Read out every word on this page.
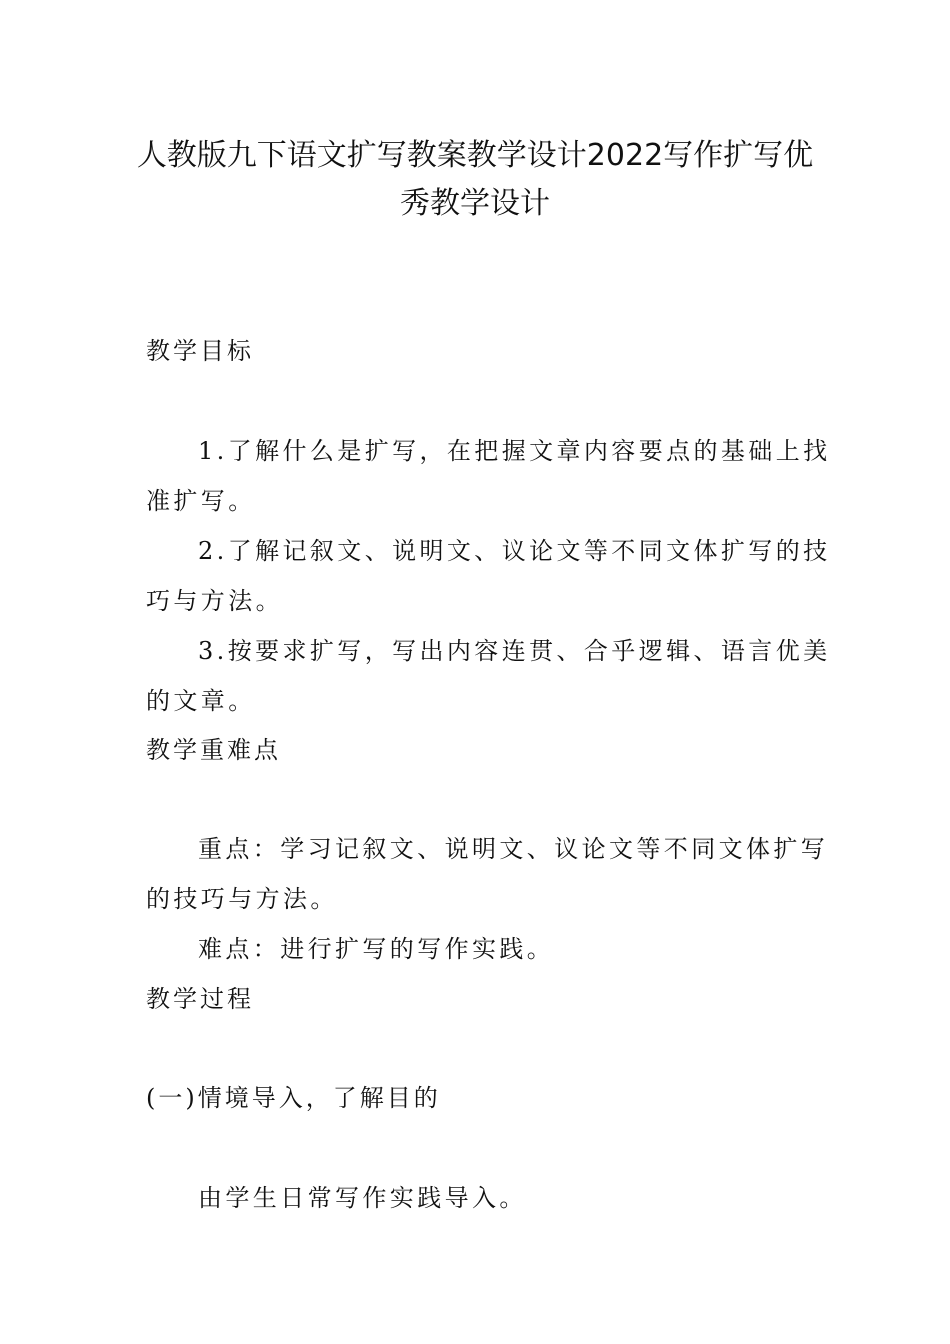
人教版九下语文扩写教案教学设计2022写作扩写优
秀教学设计

教学目标

1.了解什么是扩写，在把握文章内容要点的基础上找

准扩写。

2.了解记叙文、说明文、议论文等不同文体扩写的技

巧与方法。

3.按要求扩写，写出内容连贯、合乎逻辑、语言优美

的文章。

教学重难点

重点：学习记叙文、说明文、议论文等不同文体扩写

的技巧与方法。

难点：进行扩写的写作实践。

教学过程

(一)情境导入，了解目的

由学生日常写作实践导入。
